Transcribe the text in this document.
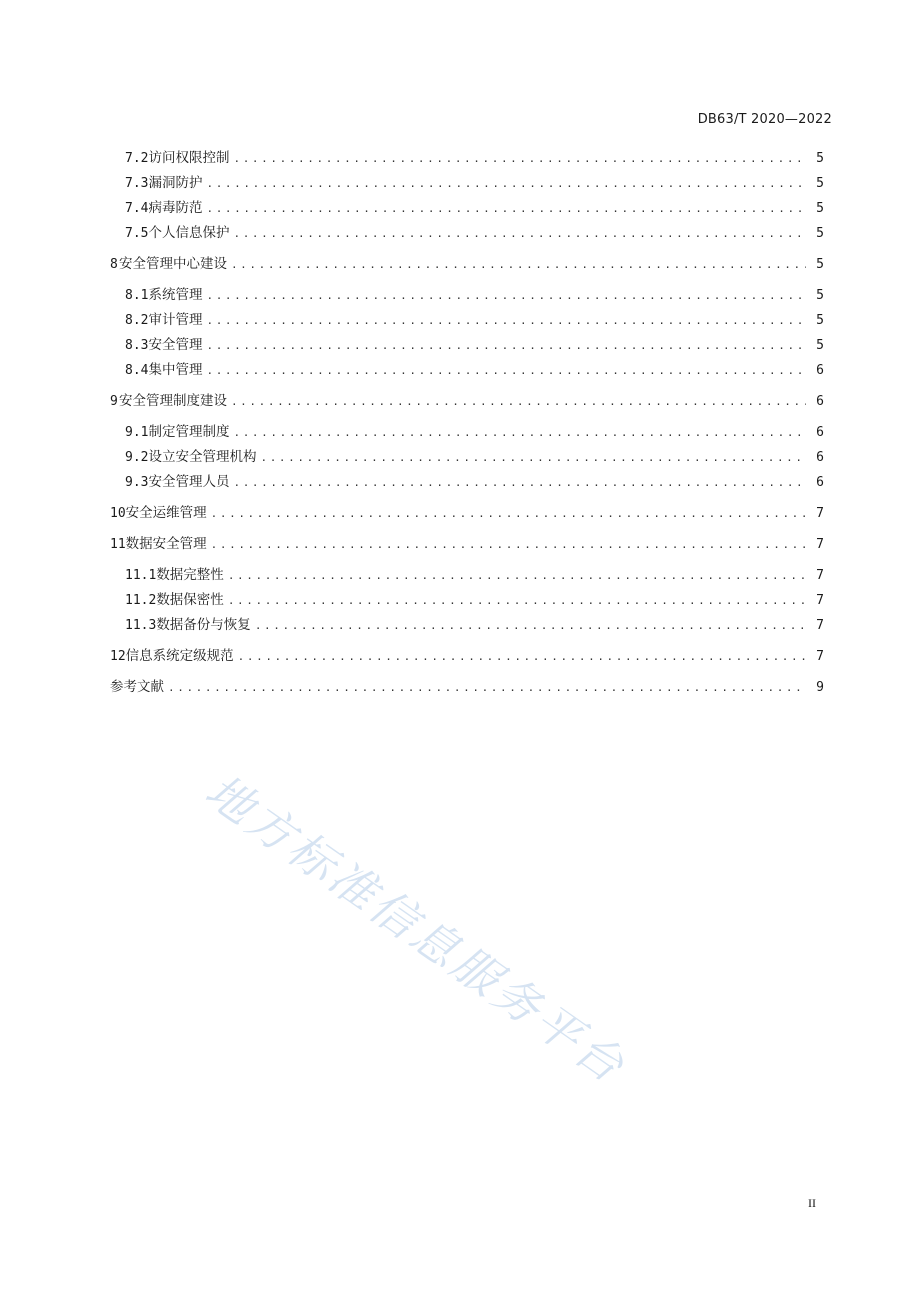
DB63/T 2020—2022
7.2 访问权限控制 .....	5
7.3 漏洞防护 .....	5
7.4 病毒防范 .....	5
7.5 个人信息保护 .....	5
8 安全管理中心建设 .....	5
8.1 系统管理 .....	5
8.2 审计管理 .....	5
8.3 安全管理 .....	5
8.4 集中管理 .....	6
9 安全管理制度建设 .....	6
9.1 制定管理制度 .....	6
9.2 设立安全管理机构 .....	6
9.3 安全管理人员 .....	6
10 安全运维管理 .....	7
11 数据安全管理 .....	7
11.1 数据完整性 .....	7
11.2 数据保密性 .....	7
11.3 数据备份与恢复 .....	7
12 信息系统定级规范 .....	7
参考文献 .....	9
II
地方标准信息服务平台
